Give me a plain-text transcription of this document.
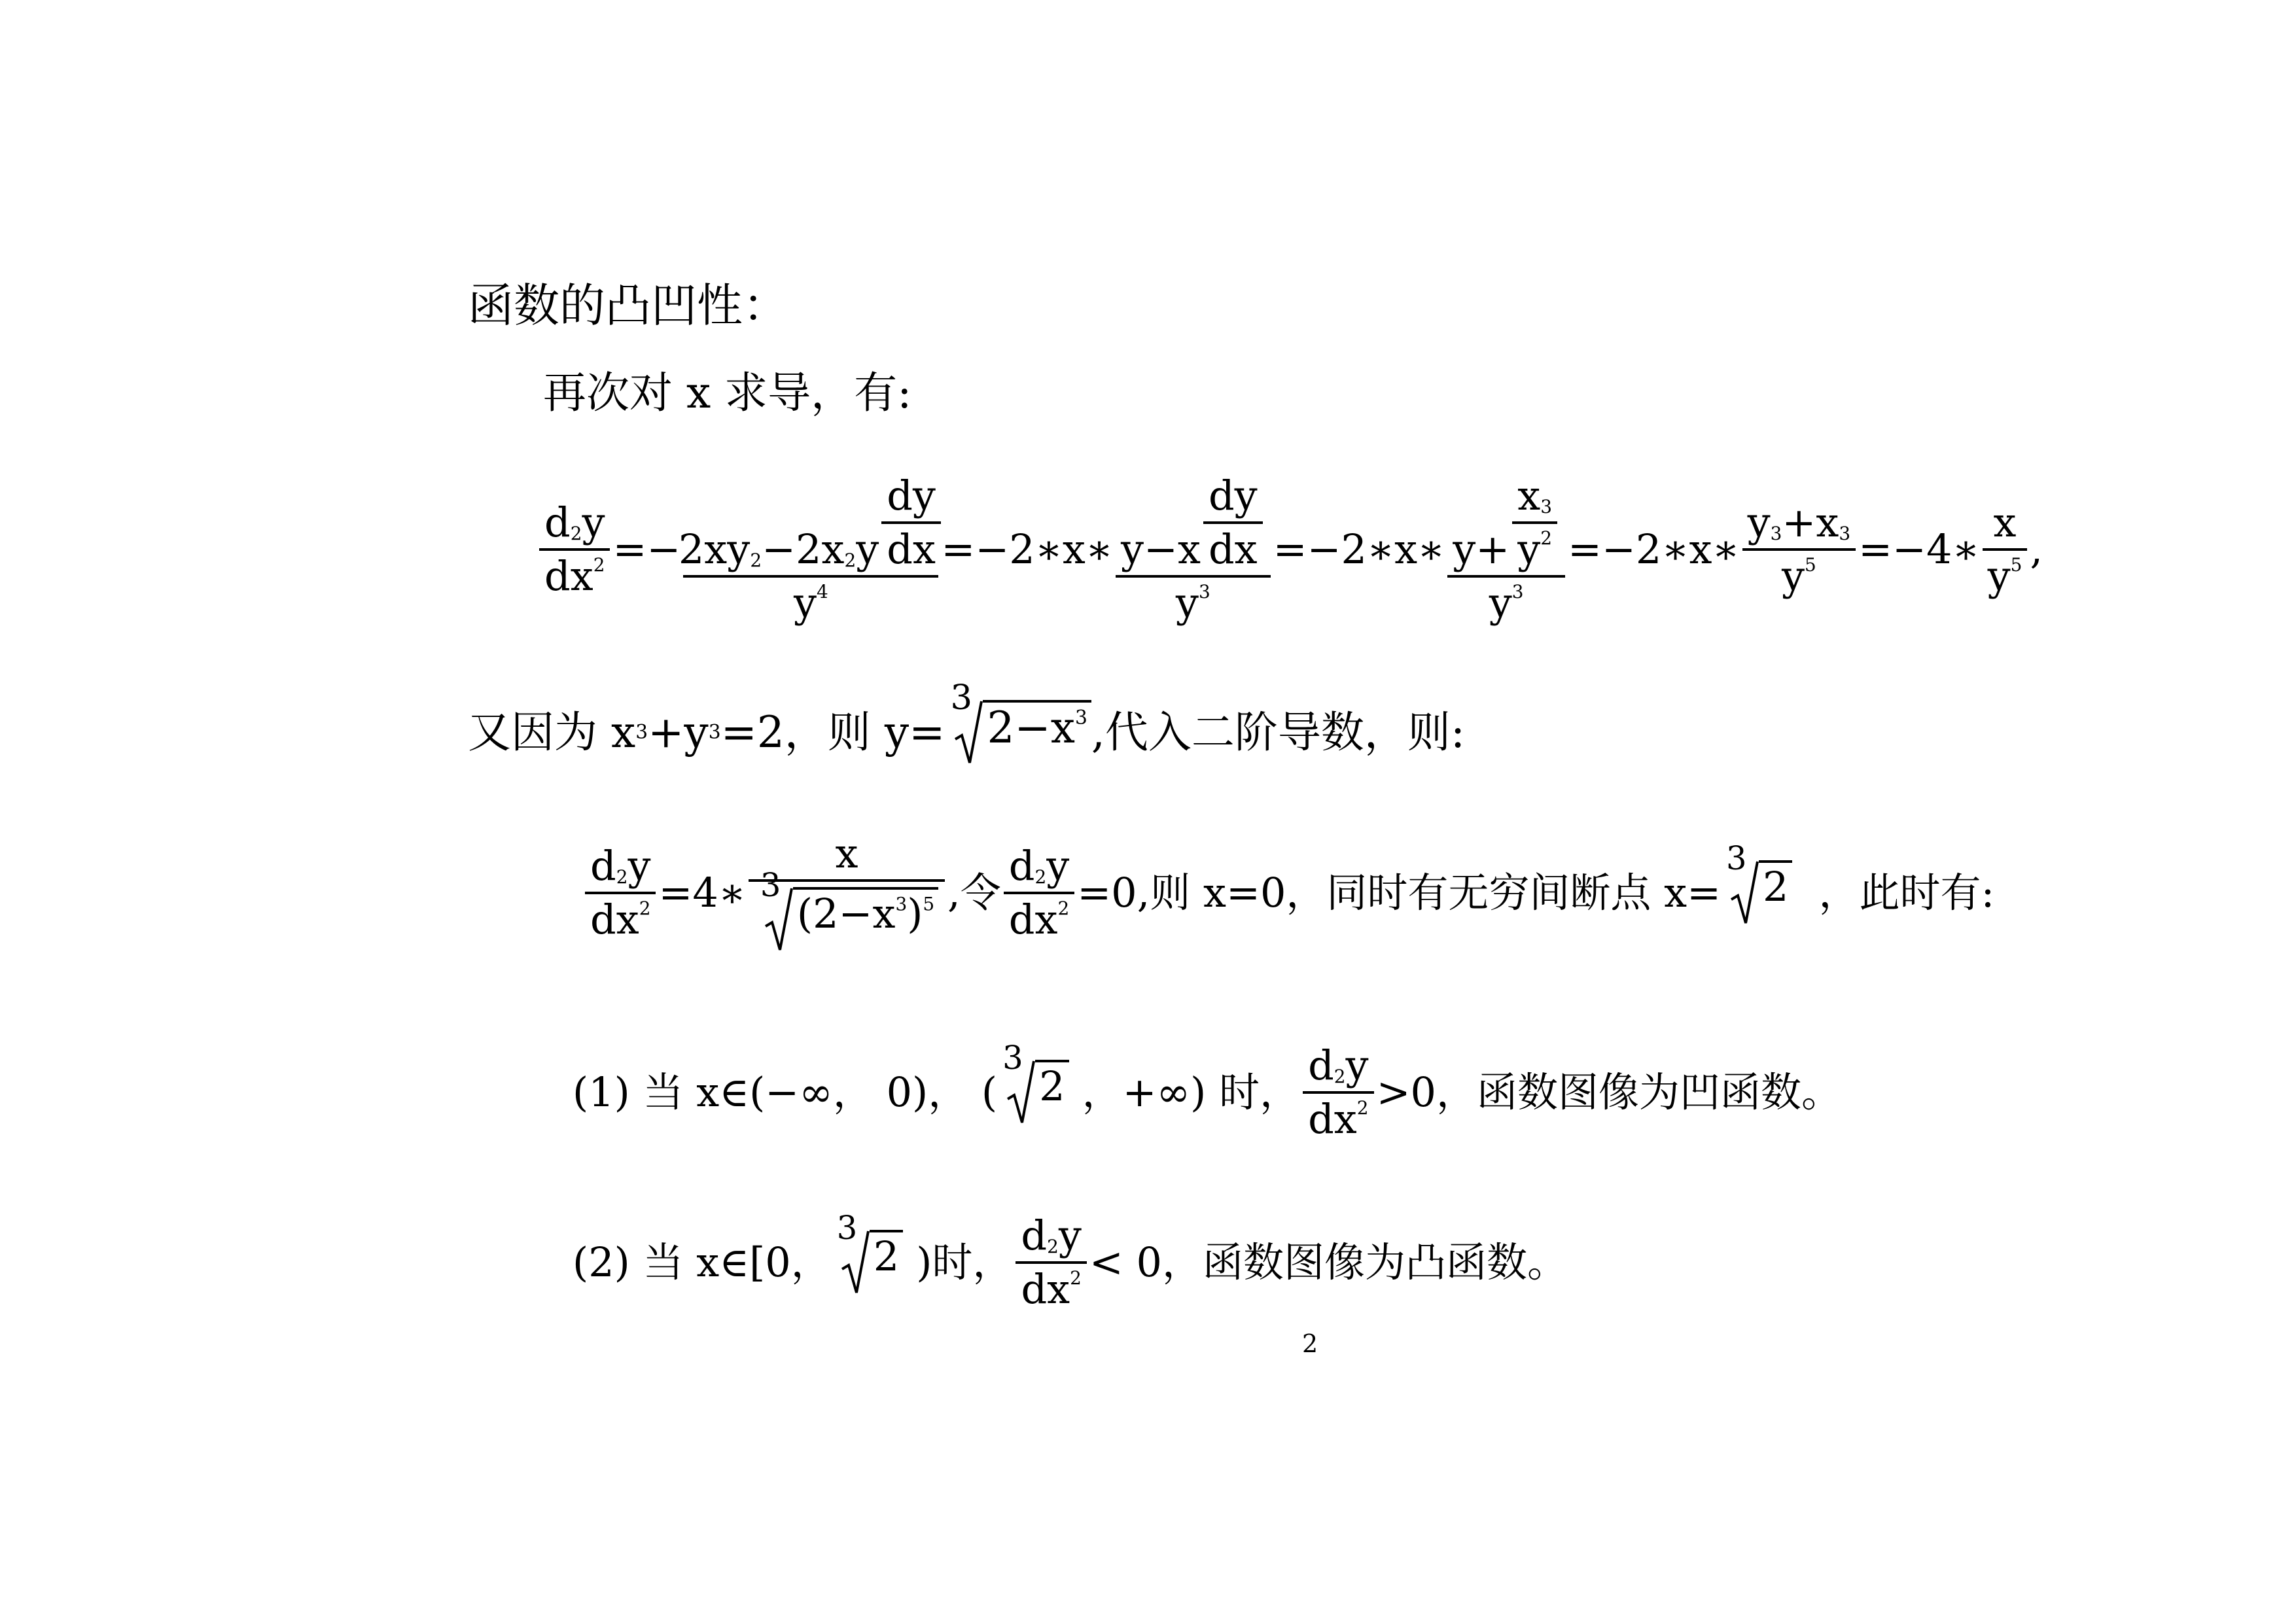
函数的凸凹性：
再次对 x 求导，有:
$\frac{d 2 y}{dx 2} =- \frac{2xy 2 -2x 2 y \frac{dy}{dx}}{y 4}$ =−2∗x∗ $\frac{y-x \frac{dy}{dx}}{y 3}$ =−2∗x∗ $\frac{y+ \frac{x 3}{y 2}}{y 3}$ =−2∗x∗ $\frac{y 3 +x 3}{y 5}$ =−4∗ $\frac{x}{y 5}$ ,
又因为 x 3 +y 3 =2，则 y=
3
$2-x^3$ ,代入二阶导数，则:
$\frac{d 2 y}{dx 2}$ =4∗ x
3
$(2-x^3)^5$ ,令 $\frac{d 2 y}{dx 2} =0$,则 x=0，同时有无穷间断点 x=
3
2 ，此时有:
(1) 当 x∈(−∞， 0)， (
3
2 ，+∞) 时， $\frac{d 2 y}{dx 2} >0$，函数图像为凹函数。
(2) 当 x∈[0，
3
2 )时， $\frac{d 2 y}{dx 2} < 0$，函数图像为凸函数。
2
